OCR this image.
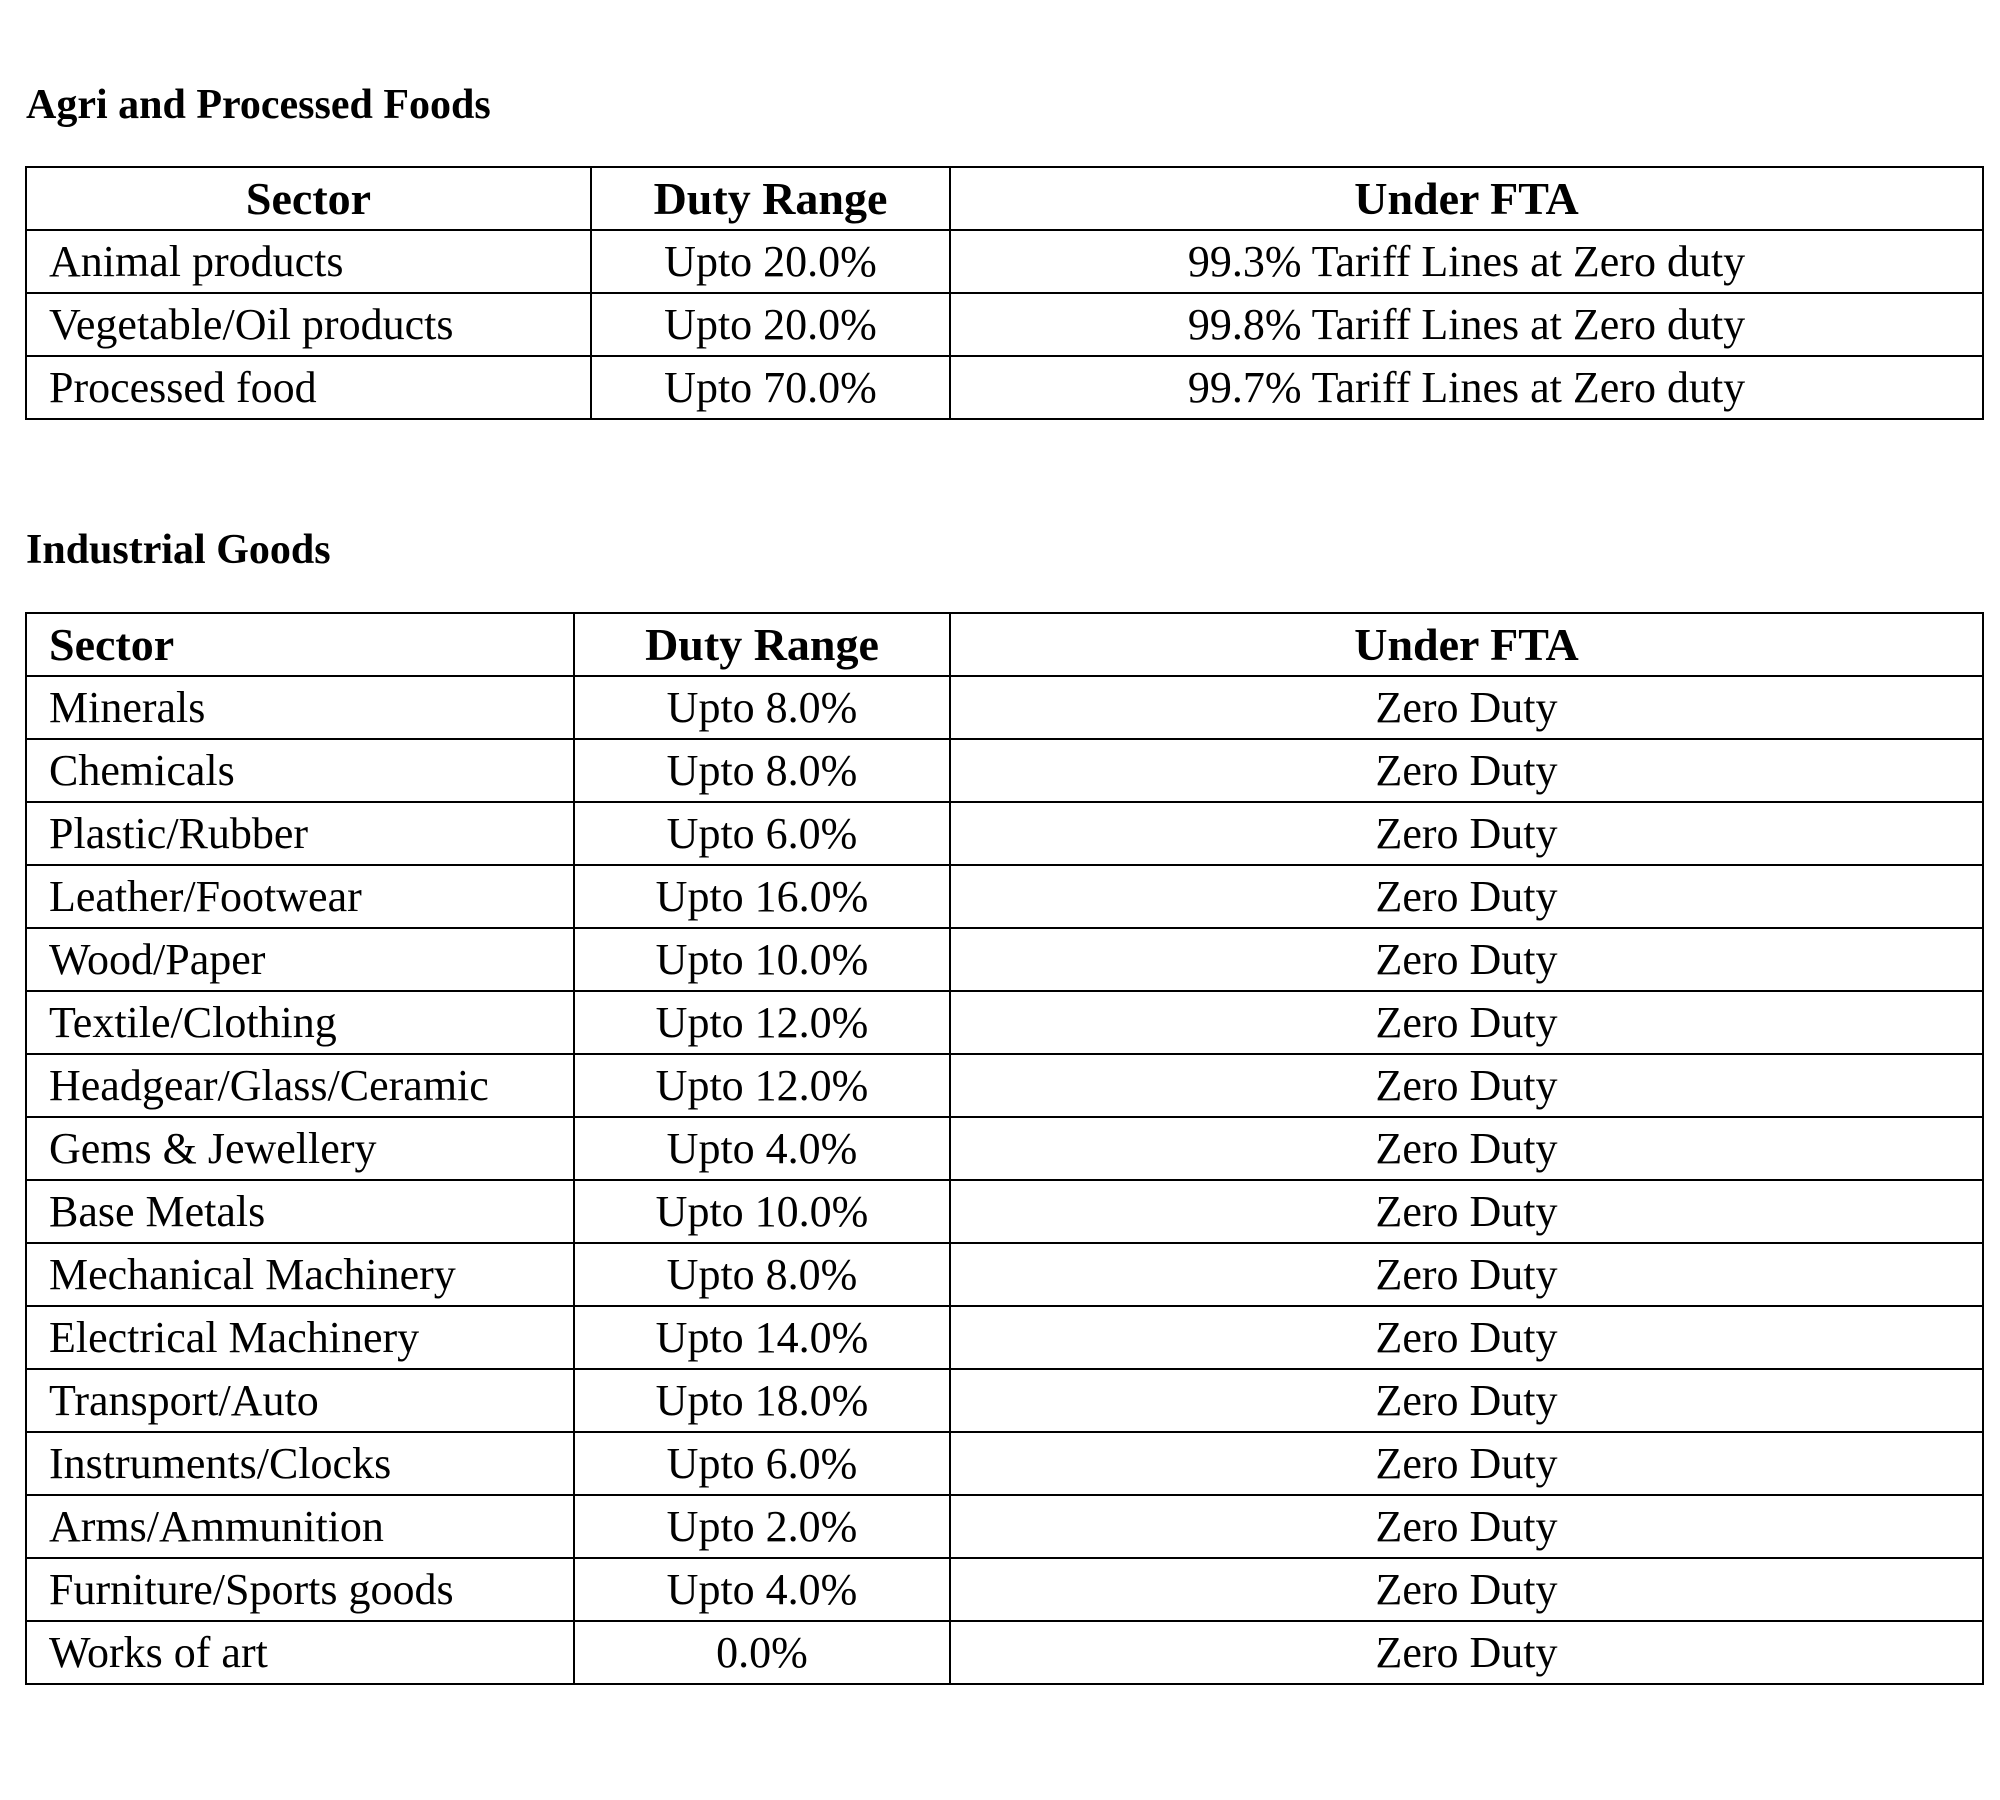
Agri and Processed Foods
Sector	Duty Range	Under FTA
Animal products	Upto 20.0%	99.3% Tariff Lines at Zero duty
Vegetable/Oil products	Upto 20.0%	99.8% Tariff Lines at Zero duty
Processed food	Upto 70.0%	99.7% Tariff Lines at Zero duty
Industrial Goods
Sector	Duty Range	Under FTA
Minerals	Upto 8.0%	Zero Duty
Chemicals	Upto 8.0%	Zero Duty
Plastic/Rubber	Upto 6.0%	Zero Duty
Leather/Footwear	Upto 16.0%	Zero Duty
Wood/Paper	Upto 10.0%	Zero Duty
Textile/Clothing	Upto 12.0%	Zero Duty
Headgear/Glass/Ceramic	Upto 12.0%	Zero Duty
Gems & Jewellery	Upto 4.0%	Zero Duty
Base Metals	Upto 10.0%	Zero Duty
Mechanical Machinery	Upto 8.0%	Zero Duty
Electrical Machinery	Upto 14.0%	Zero Duty
Transport/Auto	Upto 18.0%	Zero Duty
Instruments/Clocks	Upto 6.0%	Zero Duty
Arms/Ammunition	Upto 2.0%	Zero Duty
Furniture/Sports goods	Upto 4.0%	Zero Duty
Works of art	0.0%	Zero Duty
